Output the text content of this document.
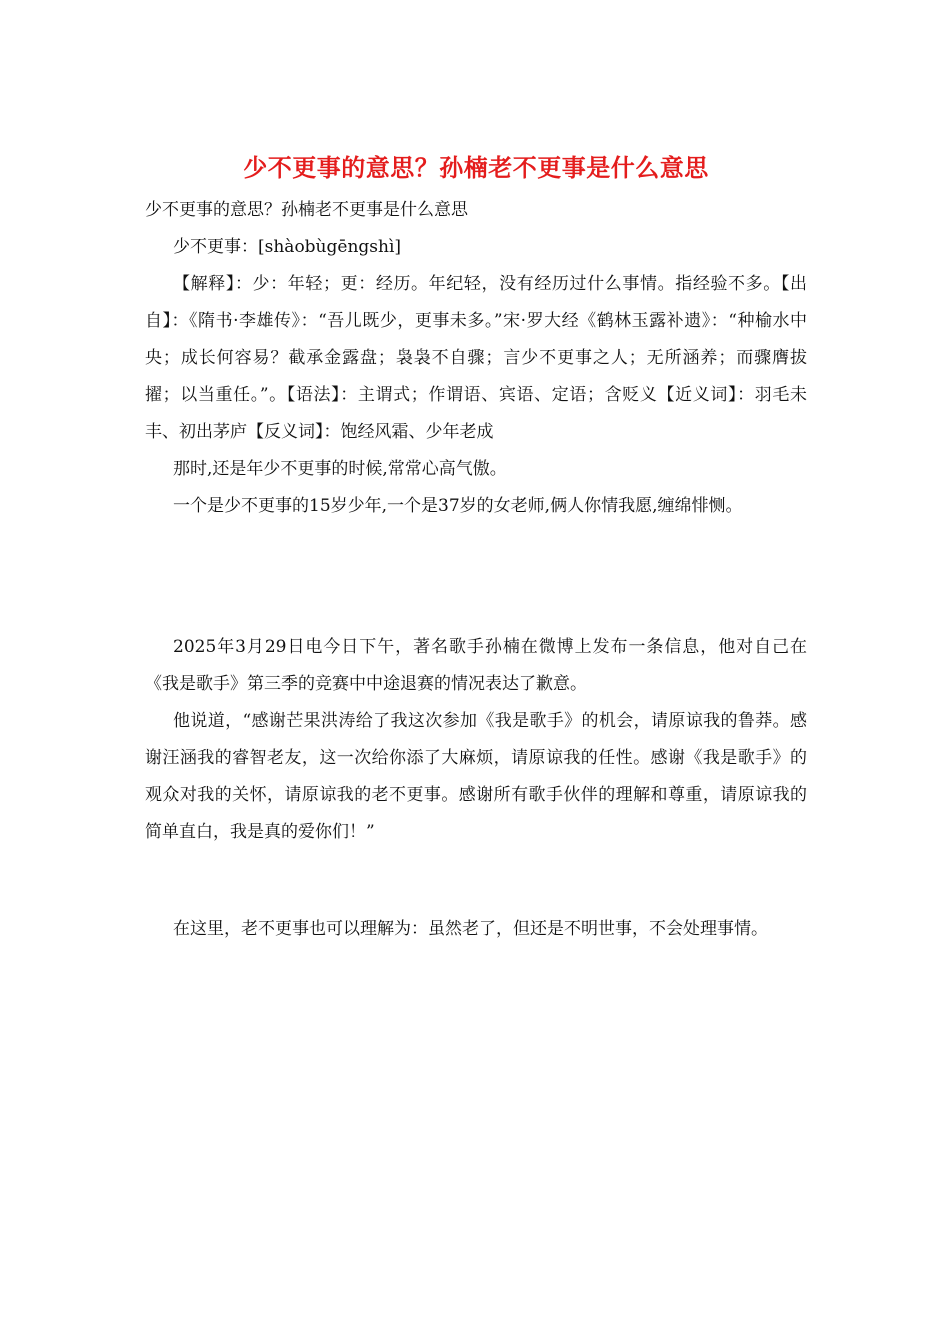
少不更事的意思？孙楠老不更事是什么意思

少不更事的意思？孙楠老不更事是什么意思

少不更事：[shàobùgēngshì]

【解释】：少：年轻；更：经历。年纪轻，没有经历过什么事情。指经验不多。【出自】：《隋书·李雄传》：“吾儿既少，更事未多。”宋·罗大经《鹤林玉露补遗》：“种榆水中央；成长何容易？截承金露盘；袅袅不自骤；言少不更事之人；无所涵养；而骤膺拔擢；以当重任。”。【语法】：主谓式；作谓语、宾语、定语；含贬义【近义词】：羽毛未丰、初出茅庐【反义词】：饱经风霜、少年老成

那时,还是年少不更事的时候,常常心高气傲。

一个是少不更事的15岁少年,一个是37岁的女老师,俩人你情我愿,缠绵悱恻。

2025年3月29日电今日下午，著名歌手孙楠在微博上发布一条信息，他对自己在《我是歌手》第三季的竞赛中中途退赛的情况表达了歉意。

他说道，“感谢芒果洪涛给了我这次参加《我是歌手》的机会，请原谅我的鲁莽。感谢汪涵我的睿智老友，这一次给你添了大麻烦，请原谅我的任性。感谢《我是歌手》的观众对我的关怀，请原谅我的老不更事。感谢所有歌手伙伴的理解和尊重，请原谅我的简单直白，我是真的爱你们！”

在这里，老不更事也可以理解为：虽然老了，但还是不明世事，不会处理事情。
